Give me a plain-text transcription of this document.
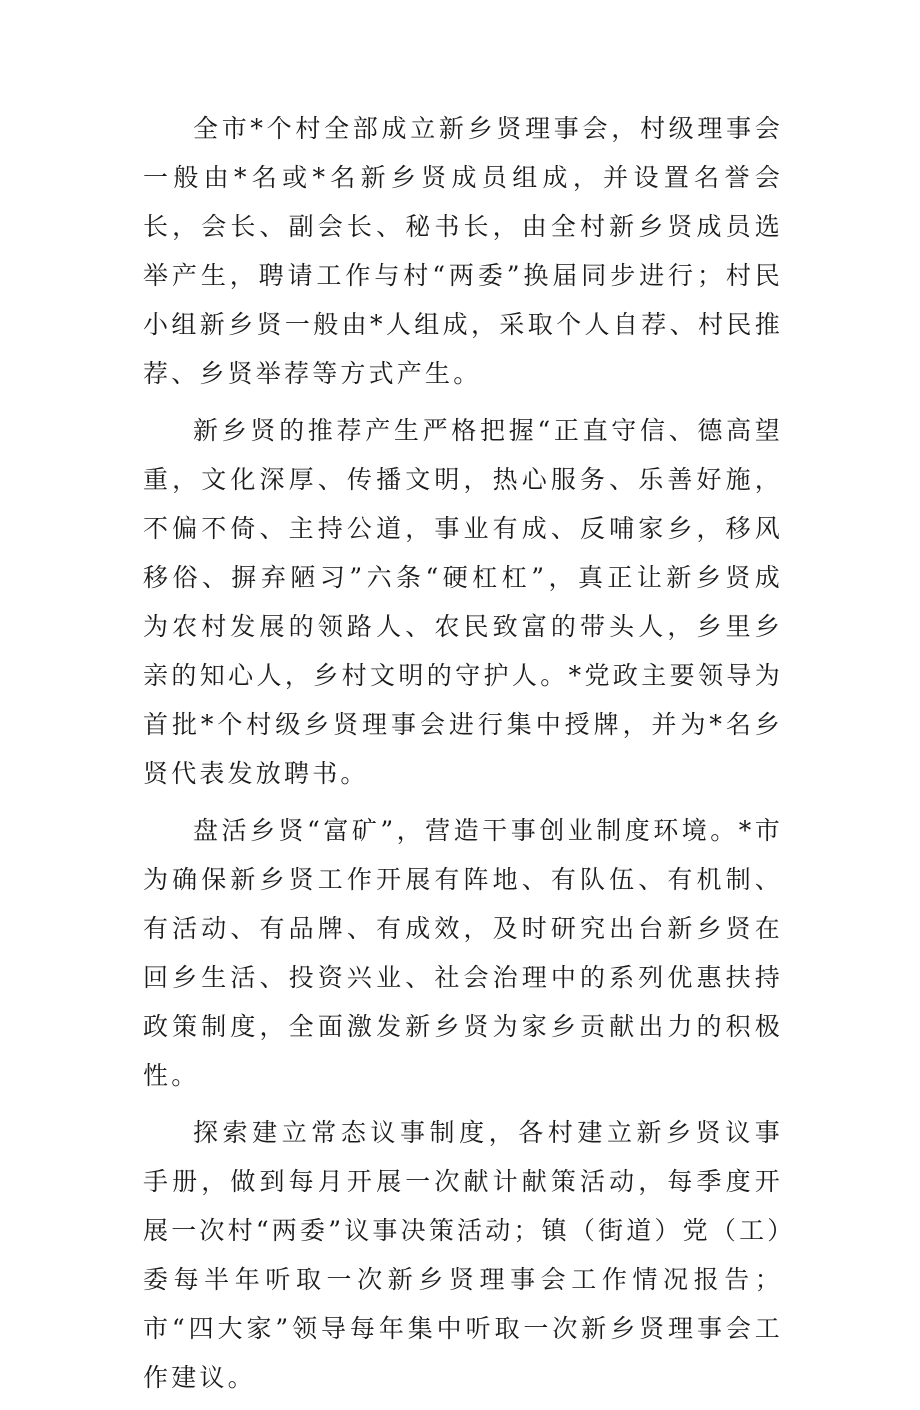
全市*个村全部成立新乡贤理事会，村级理事会一般由*名或*名新乡贤成员组成，并设置名誉会长，会长、副会长、秘书长，由全村新乡贤成员选举产生，聘请工作与村“两委”换届同步进行；村民小组新乡贤一般由*人组成，采取个人自荐、村民推荐、乡贤举荐等方式产生。

新乡贤的推荐产生严格把握“正直守信、德高望重，文化深厚、传播文明，热心服务、乐善好施，不偏不倚、主持公道，事业有成、反哺家乡，移风移俗、摒弃陋习”六条“硬杠杠”，真正让新乡贤成为农村发展的领路人、农民致富的带头人，乡里乡亲的知心人，乡村文明的守护人。*党政主要领导为首批*个村级乡贤理事会进行集中授牌，并为*名乡贤代表发放聘书。

盘活乡贤“富矿”，营造干事创业制度环境。*市为确保新乡贤工作开展有阵地、有队伍、有机制、有活动、有品牌、有成效，及时研究出台新乡贤在回乡生活、投资兴业、社会治理中的系列优惠扶持政策制度，全面激发新乡贤为家乡贡献出力的积极性。

探索建立常态议事制度，各村建立新乡贤议事手册，做到每月开展一次献计献策活动，每季度开展一次村“两委”议事决策活动；镇（街道）党（工）委每半年听取一次新乡贤理事会工作情况报告；市“四大家”领导每年集中听取一次新乡贤理事会工作建议。
